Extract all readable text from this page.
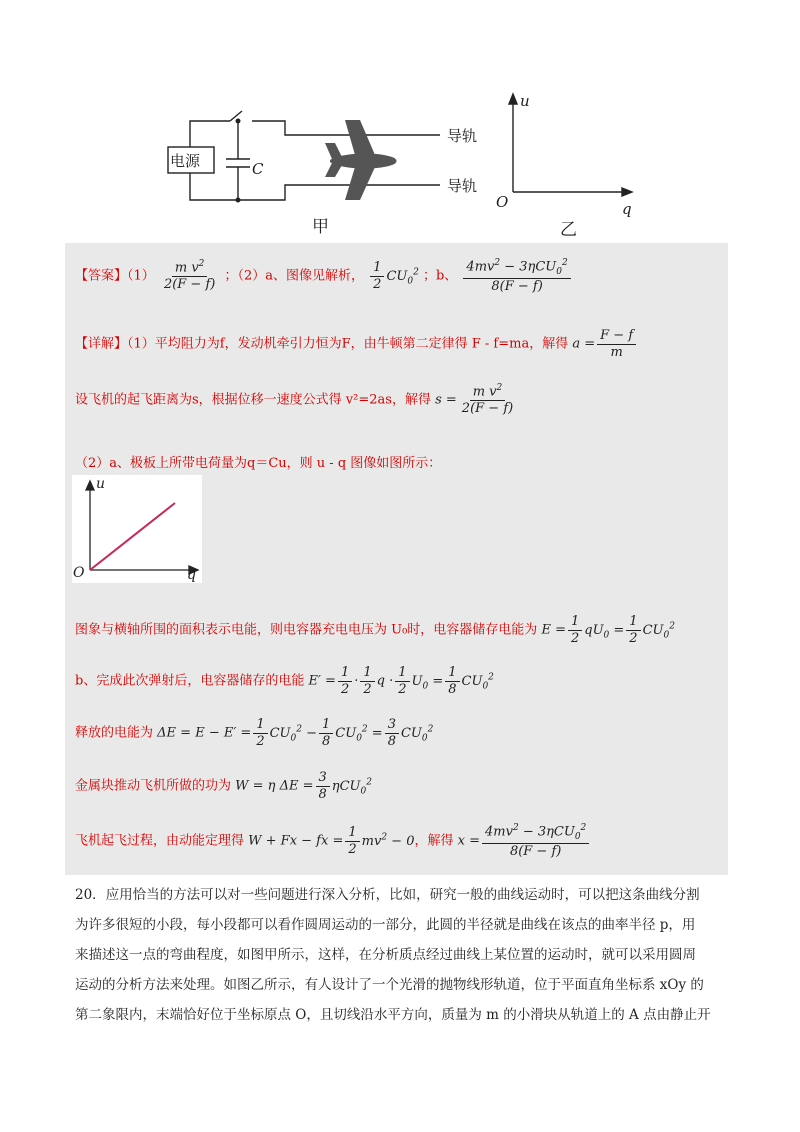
电源	C
导轨
导轨
甲
u
q
O
乙
【答案】$(1) \frac{m v^2}{2(F - f)}$ ；（2）a、图像见解析， $\frac{1}{2} CU_0^2$ ；b、 $\frac{4mv^2 - 3\eta CU_0^2}{8(F - f)}$
【详解】（1）平均阻力为f，发动机牵引力恒为F，由牛顿第二定律得 F - f=ma，解得 $a = \frac{F - f}{m}$
设飞机的起飞距离为s，根据位移一速度公式得 v²=2as，解得 $s = \frac{m v^2}{2(F - f)}$
（2）a、极板上所带电荷量为q＝Cu，则 u - q 图像如图所示：
u
q
O
图象与横轴所围的面积表示电能，则电容器充电电压为 U₀时，电容器储存电能为 $E = \frac{1}{2} qU_0 = \frac{1}{2} CU_0^2$
b、完成此次弹射后，电容器储存的电能 $E' = \frac{1}{2} \cdot \frac{1}{2}$ $q \cdot \frac{1}{2} U_0 = \frac{1}{8} CU_0^2$
释放的电能为 $\Delta E = E - E' = \frac{1}{2} CU_0^2 - \frac{1}{8} CU_0^2 = \frac{3}{8} CU_0^2$
金属块推动飞机所做的功为 W = η $\Delta E = \frac{3}{8} \eta CU_0^2$
飞机起飞过程，由动能定理得 W + Fx − fx = $\frac{1}{2} mv^2 - 0$，解得 $x = \frac{4mv^2 - 3\eta CU_0^2}{8(F - f)}$
20．应用恰当的方法可以对一些问题进行深入分析，比如，研究一般的曲线运动时，可以把这条曲线分割
为许多很短的小段，每小段都可以看作圆周运动的一部分，此圆的半径就是曲线在该点的曲率半径 p，用
来描述这一点的弯曲程度，如图甲所示，这样，在分析质点经过曲线上某位置的运动时，就可以采用圆周
运动的分析方法来处理。如图乙所示，有人设计了一个光滑的抛物线形轨道，位于平面直角坐标系 xOy 的
第二象限内，末端恰好位于坐标原点 O，且切线沿水平方向，质量为 m 的小滑块从轨道上的 A 点由静止开
